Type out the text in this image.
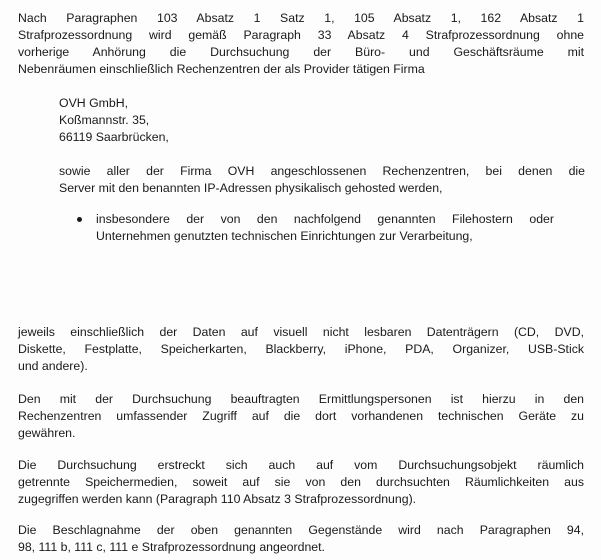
Nach Paragraphen 103 Absatz 1 Satz 1, 105 Absatz 1, 162 Absatz 1
Strafprozessordnung wird gemäß Paragraph 33 Absatz 4 Strafprozessordnung ohne
vorherige Anhörung die Durchsuchung der Büro- und Geschäftsräume mit
Nebenräumen einschließlich Rechenzentren der als Provider tätigen Firma
OVH GmbH,
Koßmannstr. 35,
66119 Saarbrücken,
sowie aller der Firma OVH angeschlossenen Rechenzentren, bei denen die
Server mit den benannten IP-Adressen physikalisch gehosted werden,
insbesondere der von den nachfolgend genannten Filehostern oder
Unternehmen genutzten technischen Einrichtungen zur Verarbeitung,
jeweils einschließlich der Daten auf visuell nicht lesbaren Datenträgern (CD, DVD,
Diskette, Festplatte, Speicherkarten, Blackberry, iPhone, PDA, Organizer, USB-Stick
und andere).
Den mit der Durchsuchung beauftragten Ermittlungspersonen ist hierzu in den
Rechenzentren umfassender Zugriff auf die dort vorhandenen technischen Geräte zu
gewähren.
Die Durchsuchung erstreckt sich auch auf vom Durchsuchungsobjekt räumlich
getrennte Speichermedien, soweit auf sie von den durchsuchten Räumlichkeiten aus
zugegriffen werden kann (Paragraph 110 Absatz 3 Strafprozessordnung).
Die Beschlagnahme der oben genannten Gegenstände wird nach Paragraphen 94,
98, 111 b, 111 c, 111 e Strafprozessordnung angeordnet.
